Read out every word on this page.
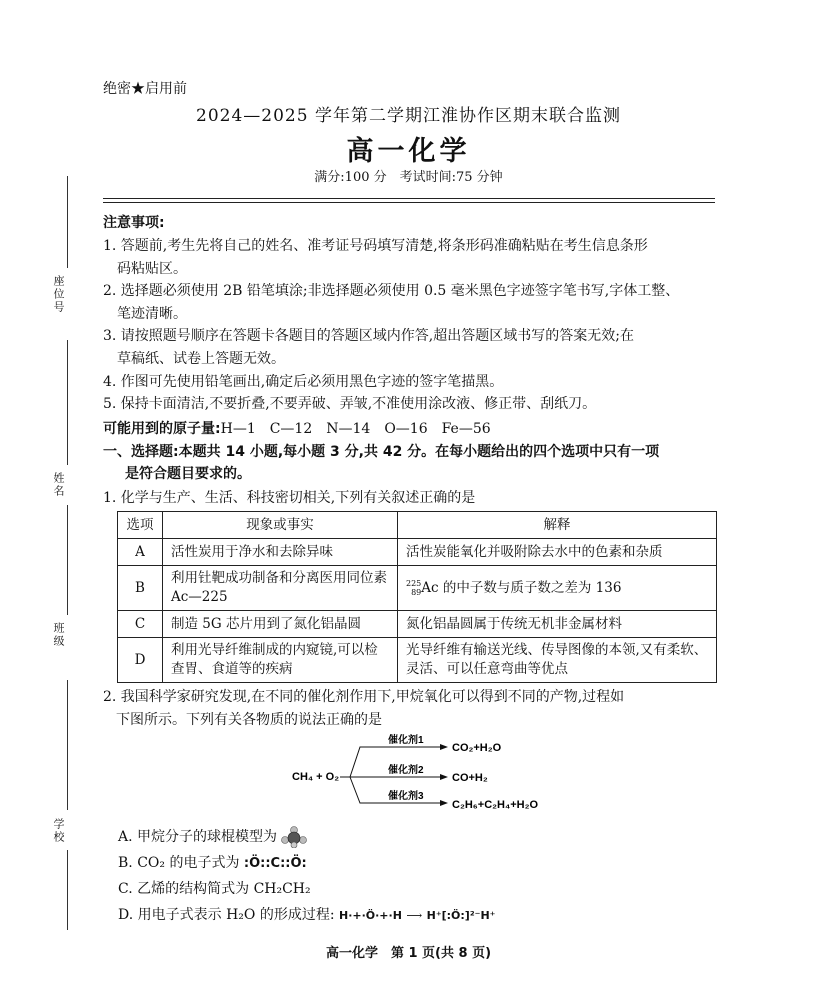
绝密★启用前
2024—2025 学年第二学期江淮协作区期末联合监测
高一化学
满分:100 分　考试时间:75 分钟
座位号
姓名
班级
学校
注意事项:
1. 答题前,考生先将自己的姓名、准考证号码填写清楚,将条形码准确粘贴在考生信息条形
　码粘贴区。
2. 选择题必须使用 2B 铅笔填涂;非选择题必须使用 0.5 毫米黑色字迹签字笔书写,字体工整、
　笔迹清晰。
3. 请按照题号顺序在答题卡各题目的答题区域内作答,超出答题区域书写的答案无效;在
　草稿纸、试卷上答题无效。
4. 作图可先使用铅笔画出,确定后必须用黑色字迹的签字笔描黑。
5. 保持卡面清洁,不要折叠,不要弄破、弄皱,不准使用涂改液、修正带、刮纸刀。
可能用到的原子量:H—1　C—12　N—14　O—16　Fe—56
一、选择题:本题共 14 小题,每小题 3 分,共 42 分。在每小题给出的四个选项中只有一项
是符合题目要求的。
1. 化学与生产、生活、科技密切相关,下列有关叙述正确的是
选项	现象或事实	解释
A	活性炭用于净水和去除异味	活性炭能氧化并吸附除去水中的色素和杂质
B	利用钍靶成功制备和分离医用同位素 Ac—225	225
89 Ac 的中子数与质子数之差为 136
C	制造 5G 芯片用到了氮化铝晶圆	氮化铝晶圆属于传统无机非金属材料
D	利用光导纤维制成的内窥镜,可以检查胃、食道等的疾病	光导纤维有输送光线、传导图像的本领,又有柔软、灵活、可以任意弯曲等优点
2. 我国科学家研究发现,在不同的催化剂作用下,甲烷氧化可以得到不同的产物,过程如
下图所示。下列有关各物质的说法正确的是
CH₄ + O₂
催化剂1
催化剂2
催化剂3
CO₂+H₂O
CO+H₂
C₂H₆+C₂H₄+H₂O
A. 甲烷分子的球棍模型为
B. CO₂ 的电子式为 :Ö::C::Ö:
C. 乙烯的结构简式为 CH₂CH₂
D. 用电子式表示 H₂O 的形成过程: H·+·Ö·+·H ⟶ H⁺[:Ö:]²⁻H⁺
高一化学　第 1 页(共 8 页)
